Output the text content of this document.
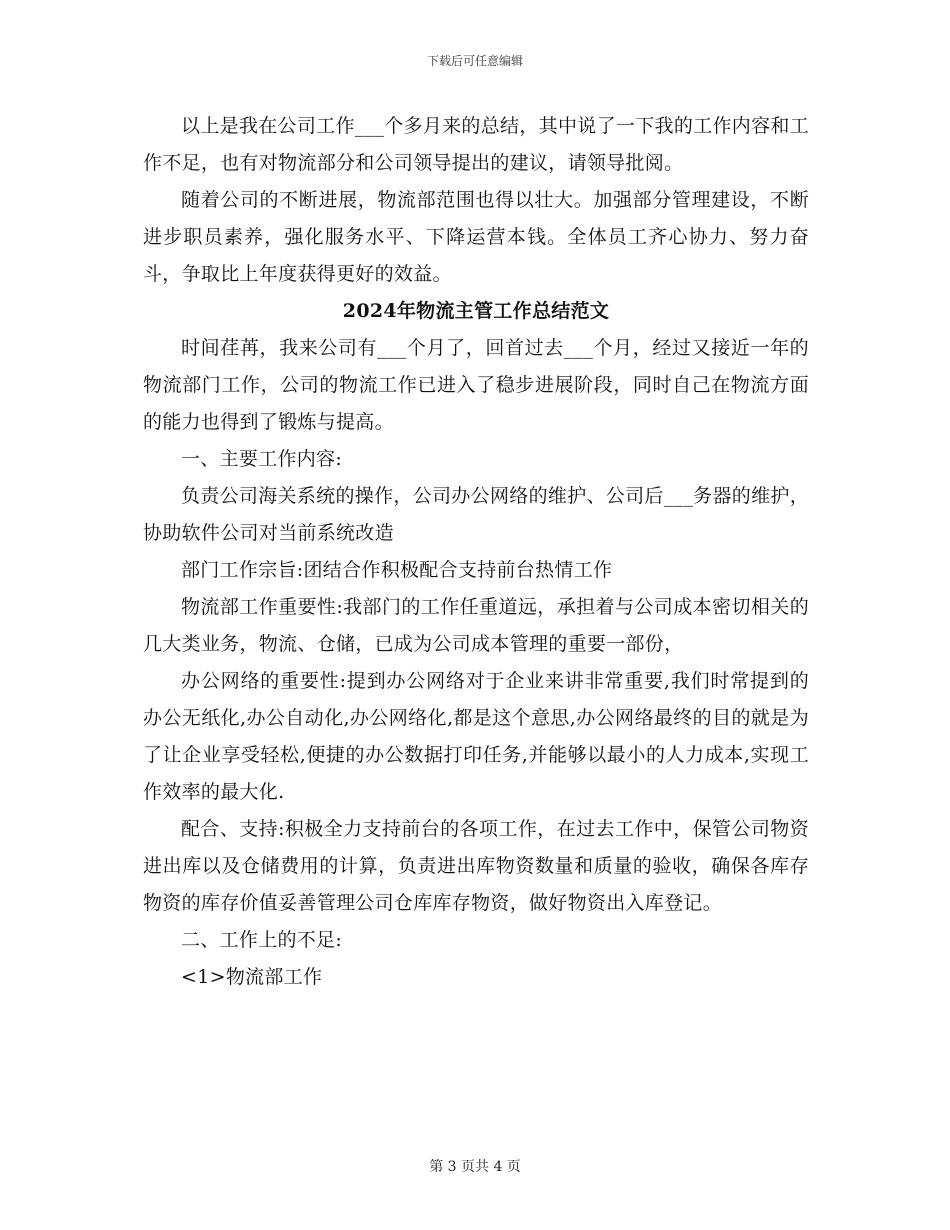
下载后可任意编辑

以上是我在公司工作___个多月来的总结，其中说了一下我的工作内容和工作不足，也有对物流部分和公司领导提出的建议，请领导批阅。

随着公司的不断进展，物流部范围也得以壮大。加强部分管理建设，不断进步职员素养，强化服务水平、下降运营本钱。全体员工齐心协力、努力奋斗，争取比上年度获得更好的效益。

2024年物流主管工作总结范文

时间荏苒，我来公司有___个月了，回首过去___个月，经过又接近一年的物流部门工作，公司的物流工作已进入了稳步进展阶段，同时自己在物流方面的能力也得到了锻炼与提高。

一、主要工作内容:

负责公司海关系统的操作，公司办公网络的维护、公司后___务器的维护，协助软件公司对当前系统改造

部门工作宗旨:团结合作积极配合支持前台热情工作

物流部工作重要性:我部门的工作任重道远，承担着与公司成本密切相关的几大类业务，物流、仓储，已成为公司成本管理的重要一部份，

办公网络的重要性:提到办公网络对于企业来讲非常重要,我们时常提到的办公无纸化,办公自动化,办公网络化,都是这个意思,办公网络最终的目的就是为了让企业享受轻松,便捷的办公数据打印任务,并能够以最小的人力成本,实现工作效率的最大化.

配合、支持:积极全力支持前台的各项工作，在过去工作中，保管公司物资进出库以及仓储费用的计算，负责进出库物资数量和质量的验收，确保各库存物资的库存价值妥善管理公司仓库库存物资，做好物资出入库登记。

二、工作上的不足:

<1>物流部工作

第 3 页共 4 页
